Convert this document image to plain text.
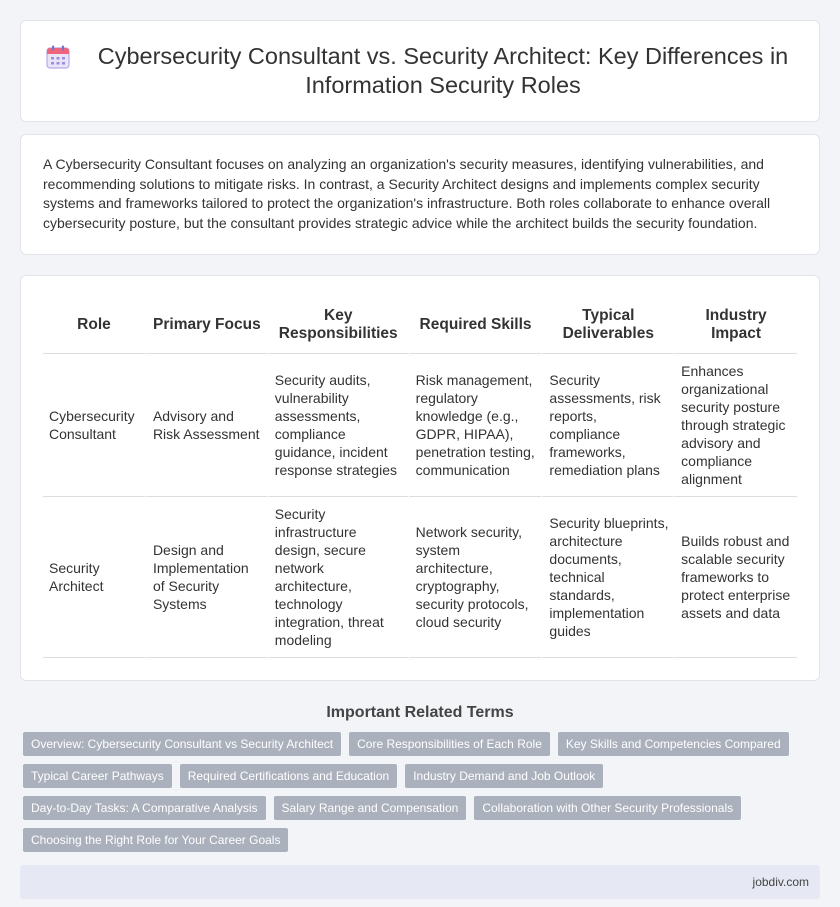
Cybersecurity Consultant vs. Security Architect: Key Differences in Information Security Roles

A Cybersecurity Consultant focuses on analyzing an organization's security measures, identifying vulnerabilities, and recommending solutions to mitigate risks. In contrast, a Security Architect designs and implements complex security systems and frameworks tailored to protect the organization's infrastructure. Both roles collaborate to enhance overall cybersecurity posture, but the consultant provides strategic advice while the architect builds the security foundation.

Role	Primary Focus	Key Responsibilities	Required Skills	Typical Deliverables	Industry Impact
Cybersecurity Consultant	Advisory and Risk Assessment	Security audits, vulnerability assessments, compliance guidance, incident response strategies	Risk management, regulatory knowledge (e.g., GDPR, HIPAA), penetration testing, communication	Security assessments, risk reports, compliance frameworks, remediation plans	Enhances organizational security posture through strategic advisory and compliance alignment
Security Architect	Design and Implementation of Security Systems	Security infrastructure design, secure network architecture, technology integration, threat modeling	Network security, system architecture, cryptography, security protocols, cloud security	Security blueprints, architecture documents, technical standards, implementation guides	Builds robust and scalable security frameworks to protect enterprise assets and data
Important Related Terms
Overview: Cybersecurity Consultant vs Security Architect	Core Responsibilities of Each Role	Key Skills and Competencies Compared
Typical Career Pathways	Required Certifications and Education	Industry Demand and Job Outlook
Day-to-Day Tasks: A Comparative Analysis	Salary Range and Compensation	Collaboration with Other Security Professionals
Choosing the Right Role for Your Career Goals
jobdiv.com
